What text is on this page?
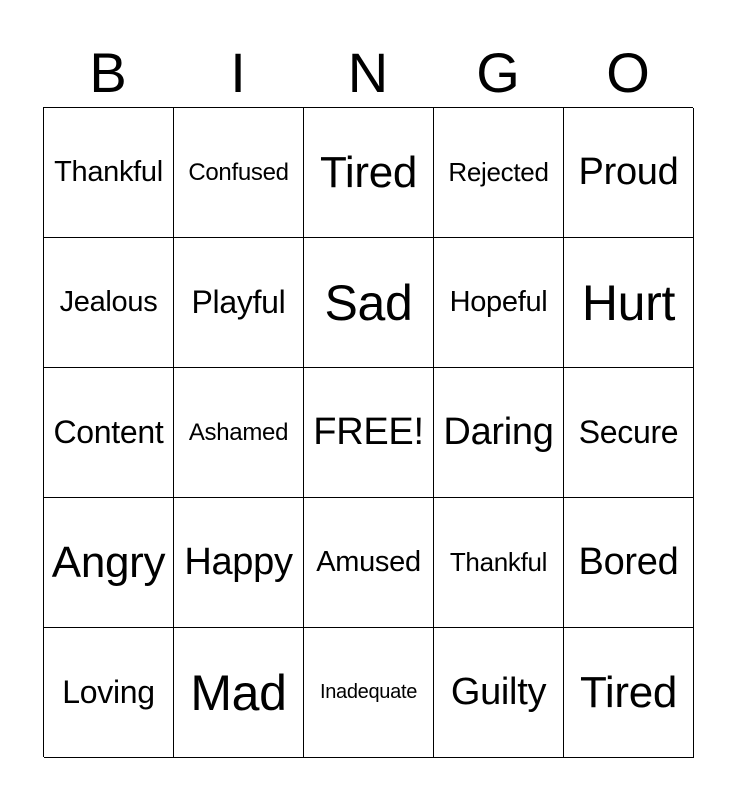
B	I	N	G	O
Thankful Confused Tired Rejected Proud
Jealous Playful Sad Hopeful Hurt
Content Ashamed FREE! Daring Secure
Angry Happy Amused Thankful Bored
Loving Mad Inadequate Guilty Tired
